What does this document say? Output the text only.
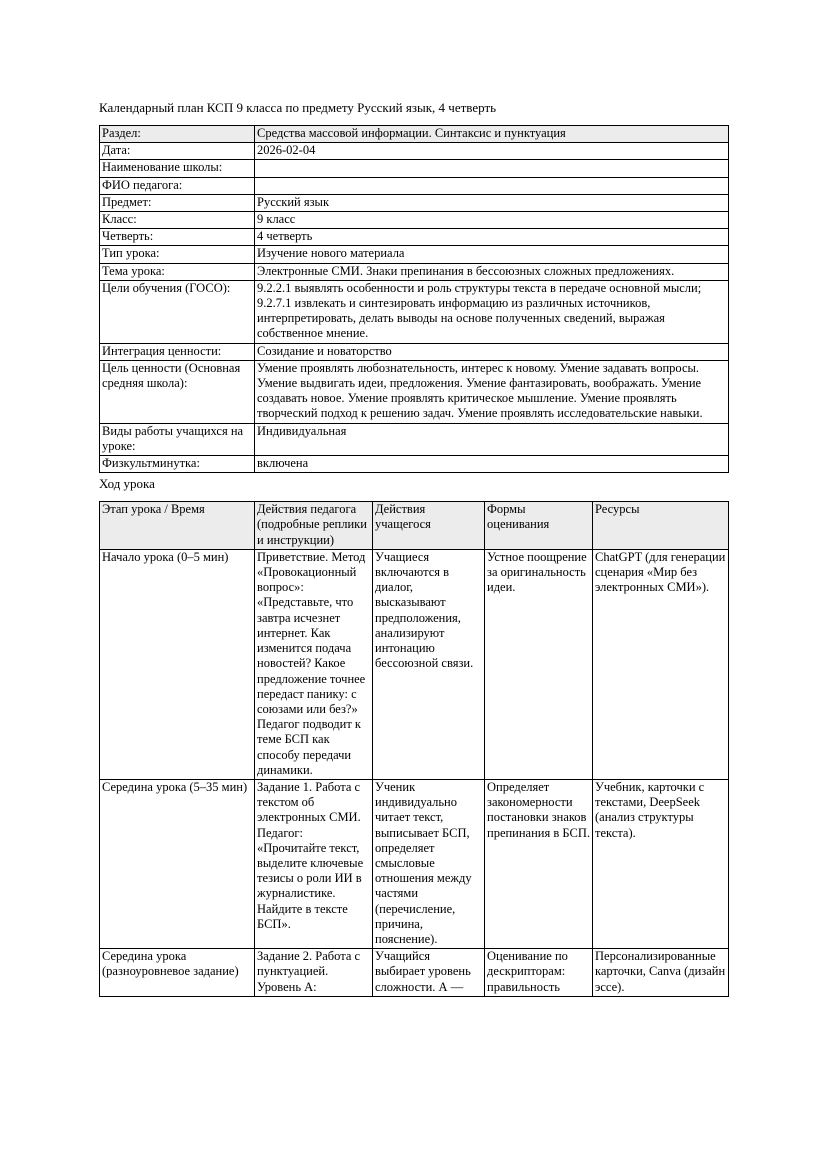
Календарный план КСП 9 класса по предмету Русский язык, 4 четверть

Раздел:	Средства массовой информации. Синтаксис и пунктуация
Дата:	2026-02-04
Наименование школы:	
ФИО педагога:	
Предмет:	Русский язык
Класс:	9 класс
Четверть:	4 четверть
Тип урока:	Изучение нового материала
Тема урока:	Электронные СМИ. Знаки препинания в бессоюзных сложных предложениях.
Цели обучения (ГОСО):	9.2.2.1 выявлять особенности и роль структуры текста в передаче основной мысли; 9.2.7.1 извлекать и синтезировать информацию из различных источников, интерпретировать, делать выводы на основе полученных сведений, выражая собственное мнение.
Интеграция ценности:	Созидание и новаторство
Цель ценности (Основная средняя школа):	Умение проявлять любознательность, интерес к новому. Умение задавать вопросы. Умение выдвигать идеи, предложения. Умение фантазировать, воображать. Умение создавать новое. Умение проявлять критическое мышление. Умение проявлять творческий подход к решению задач. Умение проявлять исследовательские навыки.
Виды работы учащихся на уроке:	Индивидуальная
Физкультминутка:	включена

Ход урока

Этап урока / Время	Действия педагога (подробные реплики и инструкции)	Действия учащегося	Формы оценивания	Ресурсы
Начало урока (0–5 мин)	Приветствие. Метод «Провокационный вопрос»: «Представьте, что завтра исчезнет интернет. Как изменится подача новостей? Какое предложение точнее передаст панику: с союзами или без?» Педагог подводит к теме БСП как способу передачи динамики.	Учащиеся включаются в диалог, высказывают предположения, анализируют интонацию бессоюзной связи.	Устное поощрение за оригинальность идеи.	ChatGPT (для генерации сценария «Мир без электронных СМИ»).
Середина урока (5–35 мин)	Задание 1. Работа с текстом об электронных СМИ. Педагог: «Прочитайте текст, выделите ключевые тезисы о роли ИИ в журналистике. Найдите в тексте БСП».	Ученик индивидуально читает текст, выписывает БСП, определяет смысловые отношения между частями (перечисление, причина, пояснение).	Определяет закономерности постановки знаков препинания в БСП.	Учебник, карточки с текстами, DeepSeek (анализ структуры текста).
Середина урока (разноуровневое задание)	Задание 2. Работа с пунктуацией. Уровень А:	Учащийся выбирает уровень сложности. А —	Оценивание по дескрипторам: правильность	Персонализированные карточки, Canva (дизайн эссе).
